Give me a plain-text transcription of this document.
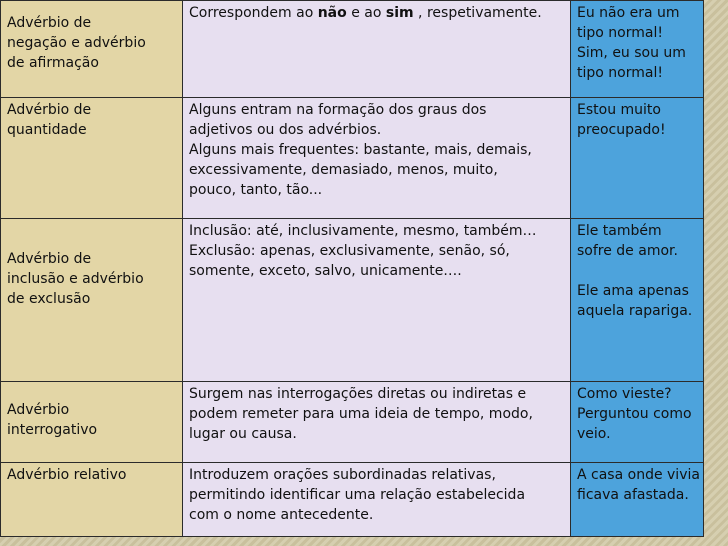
Advérbio de
negação e advérbio
de afirmação	Correspondem ao não e ao sim , respetivamente.	Eu não era um
tipo normal!
Sim, eu sou um
tipo normal!

Advérbio de
quantidade	Alguns entram na formação dos graus dos
adjetivos ou dos advérbios.
Alguns mais frequentes: bastante, mais, demais,
excessivamente, demasiado, menos, muito,
pouco, tanto, tão...	Estou muito
preocupado!

Advérbio de
inclusão e advérbio
de exclusão	Inclusão: até, inclusivamente, mesmo, também…
Exclusão: apenas, exclusivamente, senão, só,
somente, exceto, salvo, unicamente….	Ele também
sofre de amor.

Ele ama apenas
aquela rapariga.

Advérbio
interrogativo	Surgem nas interrogações diretas ou indiretas e
podem remeter para uma ideia de tempo, modo,
lugar ou causa.	Como vieste?
Perguntou como
veio.

Advérbio relativo	Introduzem orações subordinadas relativas,
permitindo identificar uma relação estabelecida
com o nome antecedente.	A casa onde vivia
ficava afastada.
